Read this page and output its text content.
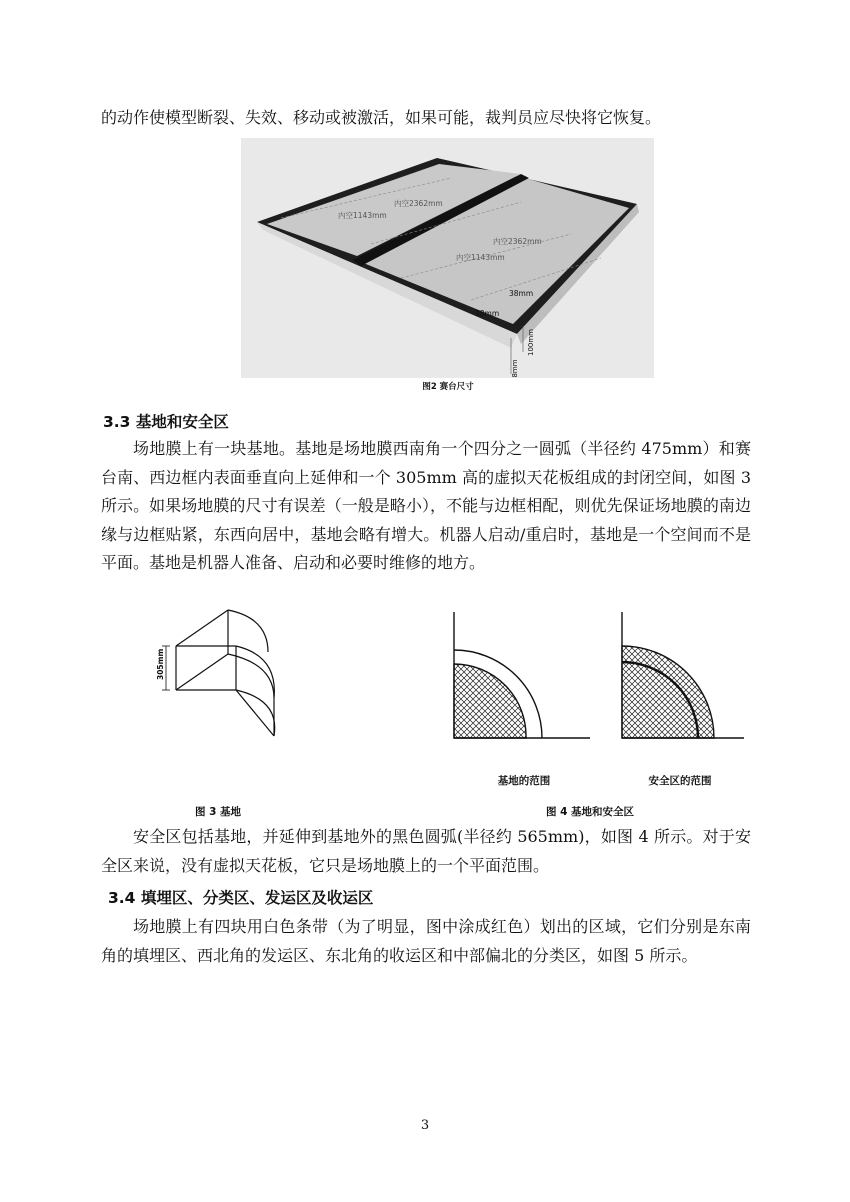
的动作使模型断裂、失效、移动或被激活，如果可能，裁判员应尽快将它恢复。

内空2362mm
内空1143mm
内空2362mm
内空1143mm
38mm
38mm
100mm
18mm
图2 赛台尺寸
3.3 基地和安全区

场地膜上有一块基地。基地是场地膜西南角一个四分之一圆弧（半径约 475mm）和赛台南、西边框内表面垂直向上延伸和一个 305mm 高的虚拟天花板组成的封闭空间，如图 3 所示。如果场地膜的尺寸有误差（一般是略小），不能与边框相配，则优先保证场地膜的南边缘与边框贴紧，东西向居中，基地会略有增大。机器人启动/重启时，基地是一个空间而不是平面。基地是机器人准备、启动和必要时维修的地方。

305mm
基地的范围	安全区的范围
图 3 基地	图 4 基地和安全区

安全区包括基地，并延伸到基地外的黑色圆弧(半径约 565mm)，如图 4 所示。对于安全区来说，没有虚拟天花板，它只是场地膜上的一个平面范围。

3.4 填埋区、分类区、发运区及收运区

场地膜上有四块用白色条带（为了明显，图中涂成红色）划出的区域，它们分别是东南角的填埋区、西北角的发运区、东北角的收运区和中部偏北的分类区，如图 5 所示。

3
